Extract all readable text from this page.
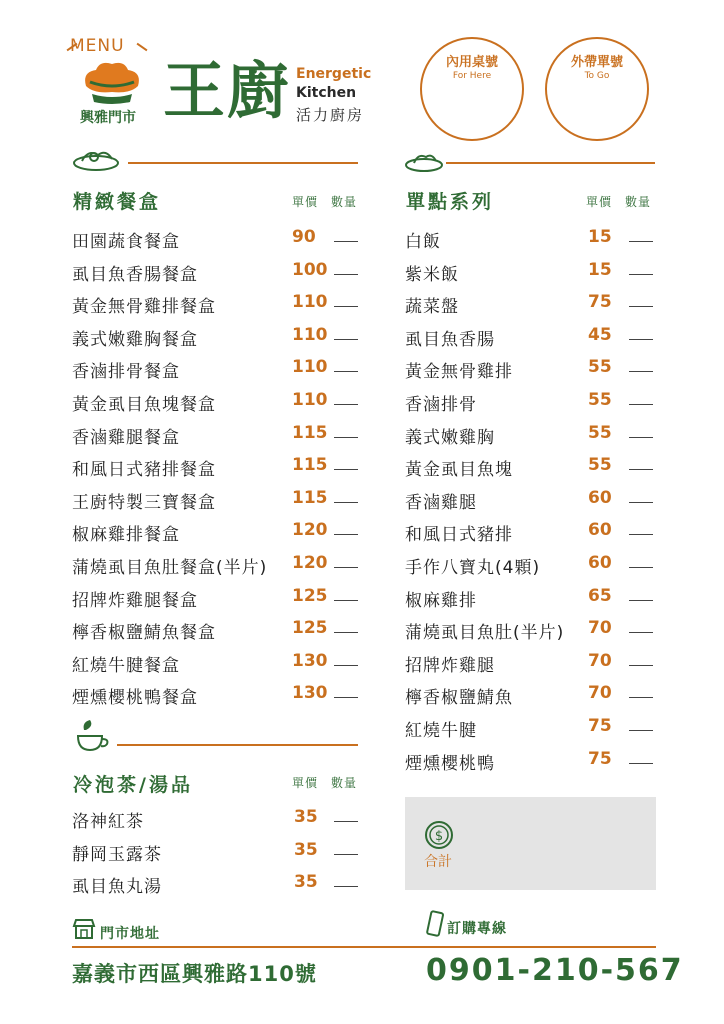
MENU
興雅門市 王廚 Energetic
Kitchen
活力廚房
內用桌號
For Here
外帶單號
To Go
精緻餐盒	單價 數量
田園蔬食餐盒	90
虱目魚香腸餐盒	100
黃金無骨雞排餐盒	110
義式嫩雞胸餐盒	110
香滷排骨餐盒	110
黃金虱目魚塊餐盒	110
香滷雞腿餐盒	115
和風日式豬排餐盒	115
王廚特製三寶餐盒	115
椒麻雞排餐盒	120
蒲燒虱目魚肚餐盒(半片) 120
招牌炸雞腿餐盒	125
檸香椒鹽鯖魚餐盒	125
紅燒牛腱餐盒	130
煙燻櫻桃鴨餐盒	130
冷泡茶/湯品	單價 數量
洛神紅茶	35
靜岡玉露茶	35
虱目魚丸湯	35
單點系列	單價 數量
白飯	15
紫米飯	15
蔬菜盤	75
虱目魚香腸	45
黃金無骨雞排	55
香滷排骨	55
義式嫩雞胸	55
黃金虱目魚塊	55
香滷雞腿	60
和風日式豬排	60
手作八寶丸(4顆)	60
椒麻雞排	65
蒲燒虱目魚肚(半片) 70
招牌炸雞腿	70
檸香椒鹽鯖魚	70
紅燒牛腱	75
煙燻櫻桃鴨	75
$
合計
門市地址	訂購專線
嘉義市西區興雅路110號	0901-210-567
